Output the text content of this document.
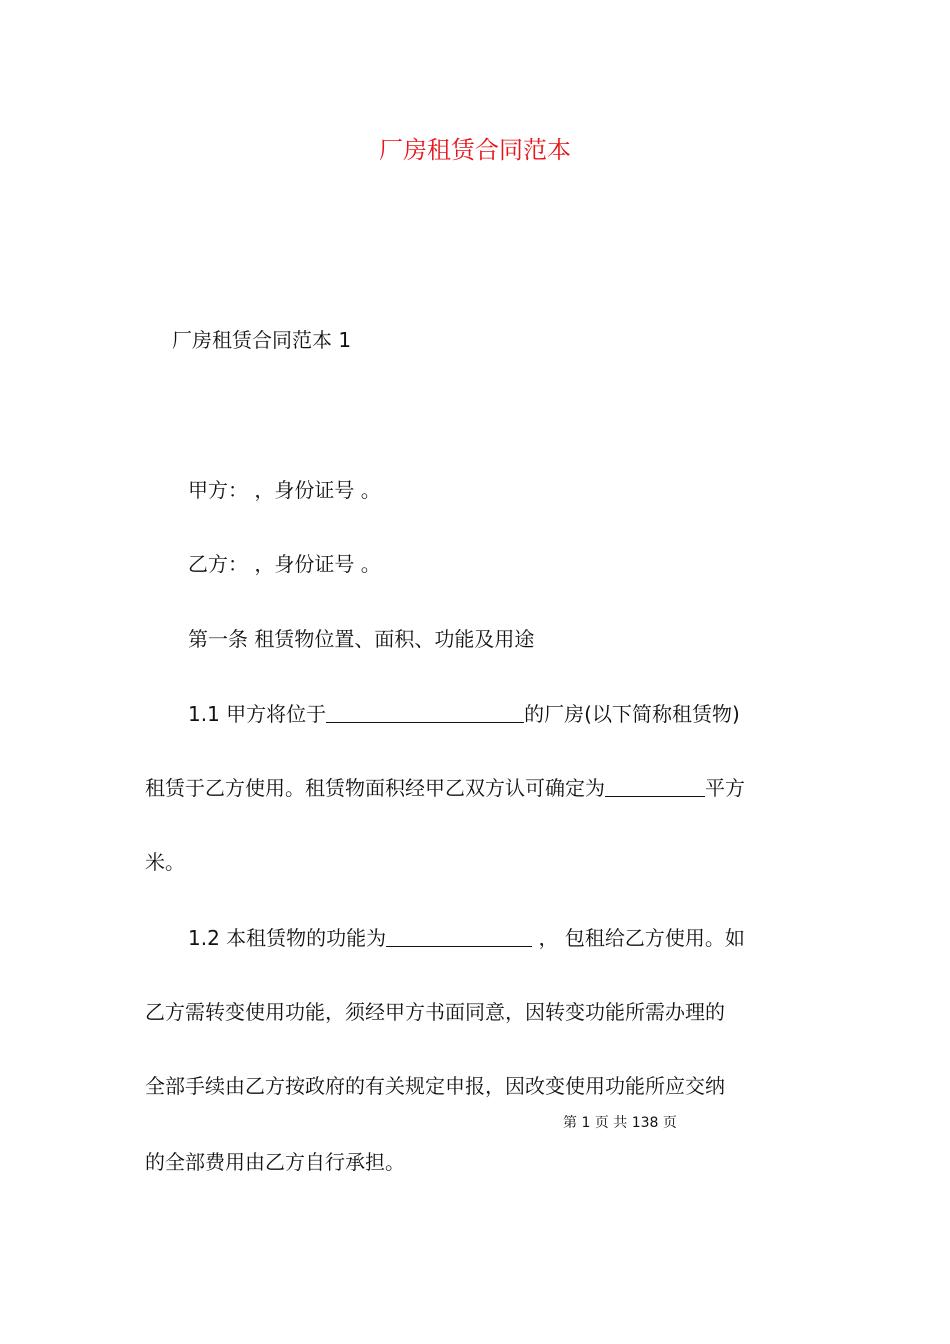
厂房租赁合同范本
厂房租赁合同范本 1
甲方： ，身份证号 。
乙方： ，身份证号 。
第一条 租赁物位置、面积、功能及用途
1.1 甲方将位于	的厂房(以下简称租赁物)
租赁于乙方使用。租赁物面积经甲乙双方认可确定为	平方
米。
1.2 本租赁物的功能为	， 包租给乙方使用。如
乙方需转变使用功能，须经甲方书面同意，因转变功能所需办理的
全部手续由乙方按政府的有关规定申报，因改变使用功能所应交纳
第 1 页 共 138 页
的全部费用由乙方自行承担。
